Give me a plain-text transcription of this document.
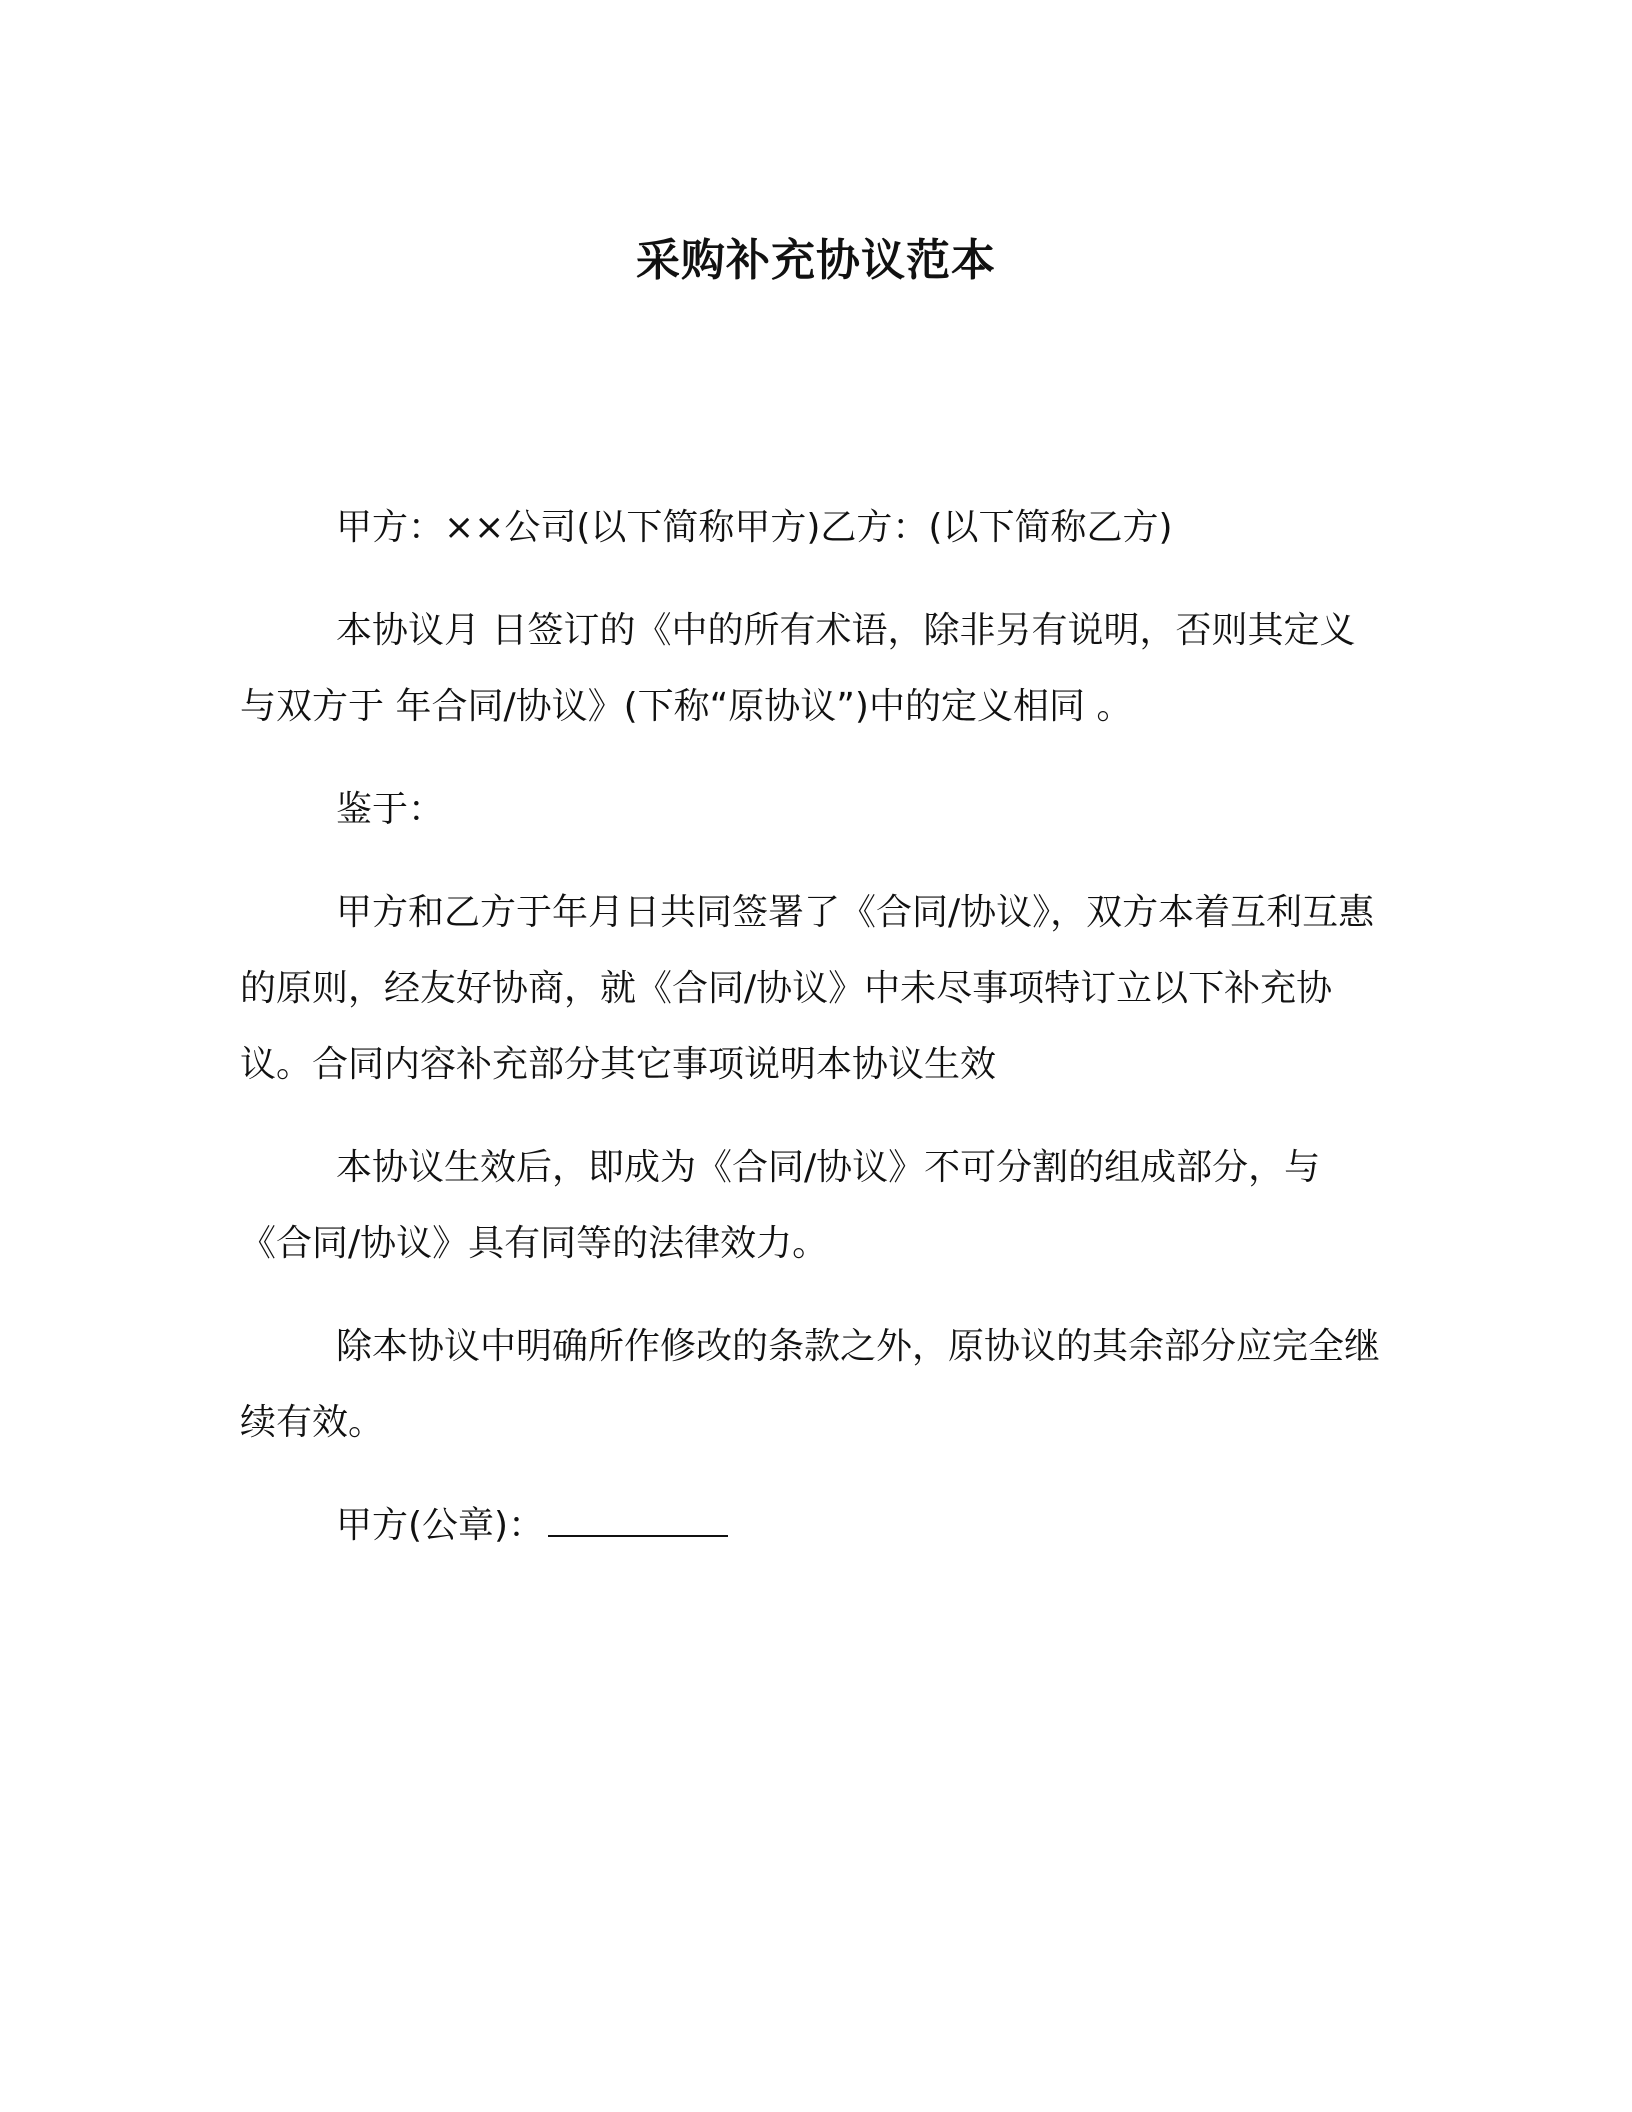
采购补充协议范本

甲方：××公司(以下简称甲方)乙方：(以下简称乙方)

本协议月 日签订的《中的所有术语，除非另有说明，否则其定义与双方于 年合同/协议》(下称“原协议”)中的定义相同 。

鉴于：

甲方和乙方于年月日共同签署了《合同/协议》，双方本着互利互惠的原则，经友好协商，就《合同/协议》中未尽事项特订立以下补充协议。合同内容补充部分其它事项说明本协议生效

本协议生效后，即成为《合同/协议》不可分割的组成部分，与《合同/协议》具有同等的法律效力。

除本协议中明确所作修改的条款之外，原协议的其余部分应完全继续有效。

甲方(公章)：
